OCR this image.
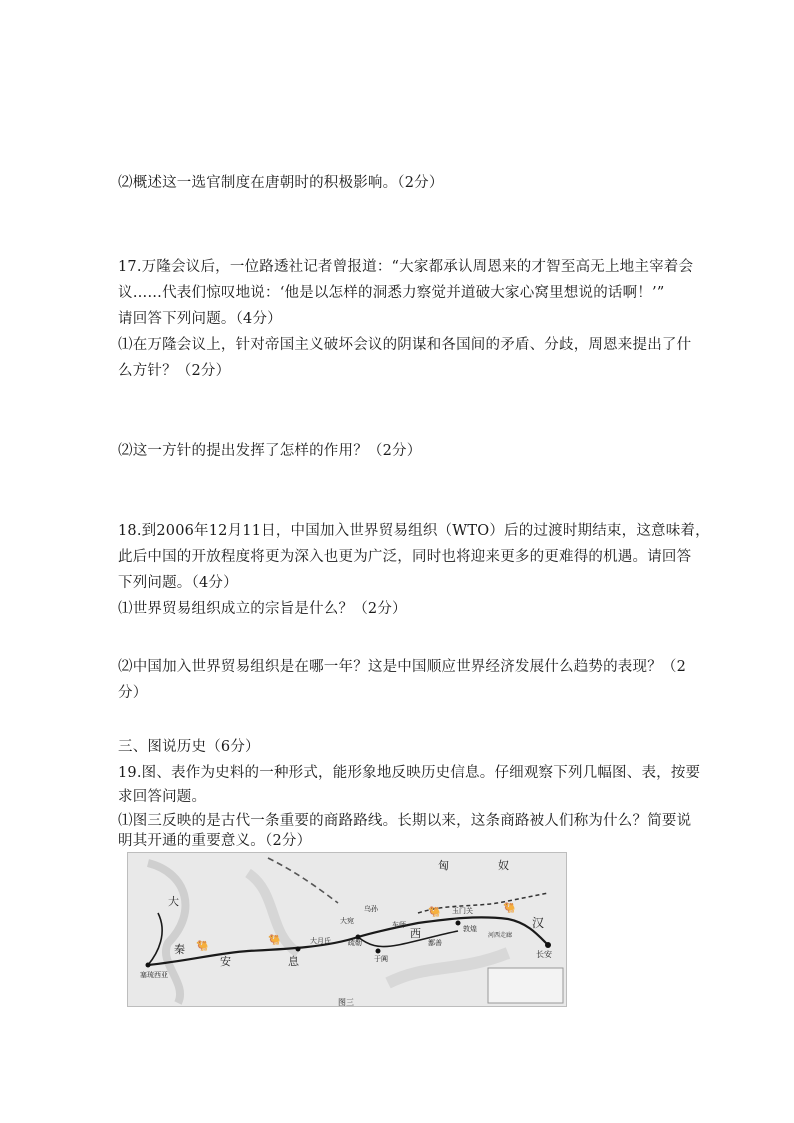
⑵概述这一选官制度在唐朝时的积极影响。（2分）
17.万隆会议后，一位路透社记者曾报道：“大家都承认周恩来的才智至高无上地主宰着会
议……代表们惊叹地说：‘他是以怎样的洞悉力察觉并道破大家心窝里想说的话啊！’”
请回答下列问题。（4分）
⑴在万隆会议上，针对帝国主义破坏会议的阴谋和各国间的矛盾、分歧，周恩来提出了什
么方针？（2分）
⑵这一方针的提出发挥了怎样的作用？（2分）
18.到2006年12月11日，中国加入世界贸易组织（WTO）后的过渡时期结束，这意味着，
此后中国的开放程度将更为深入也更为广泛，同时也将迎来更多的更难得的机遇。请回答
下列问题。（4分）
⑴世界贸易组织成立的宗旨是什么？（2分）
⑵中国加入世界贸易组织是在哪一年？这是中国顺应世界经济发展什么趋势的表现？（2
分）
三、图说历史（6分）
19.图、表作为史料的一种形式，能形象地反映历史信息。仔细观察下列几幅图、表，按要
求回答问题。
⑴图三反映的是古代一条重要的商路路线。长期以来，这条商路被人们称为什么？简要说
明其开通的重要意义。（2分）
🐫
🐫
🐫	🐫
匈	奴
大
秦
安	息
西
汉
长安
敦煌
玉门关
大宛
疏勒
于阗
鄯善
大月氏
乌孙
塞琉西亚
河西走廊
车师
图三
